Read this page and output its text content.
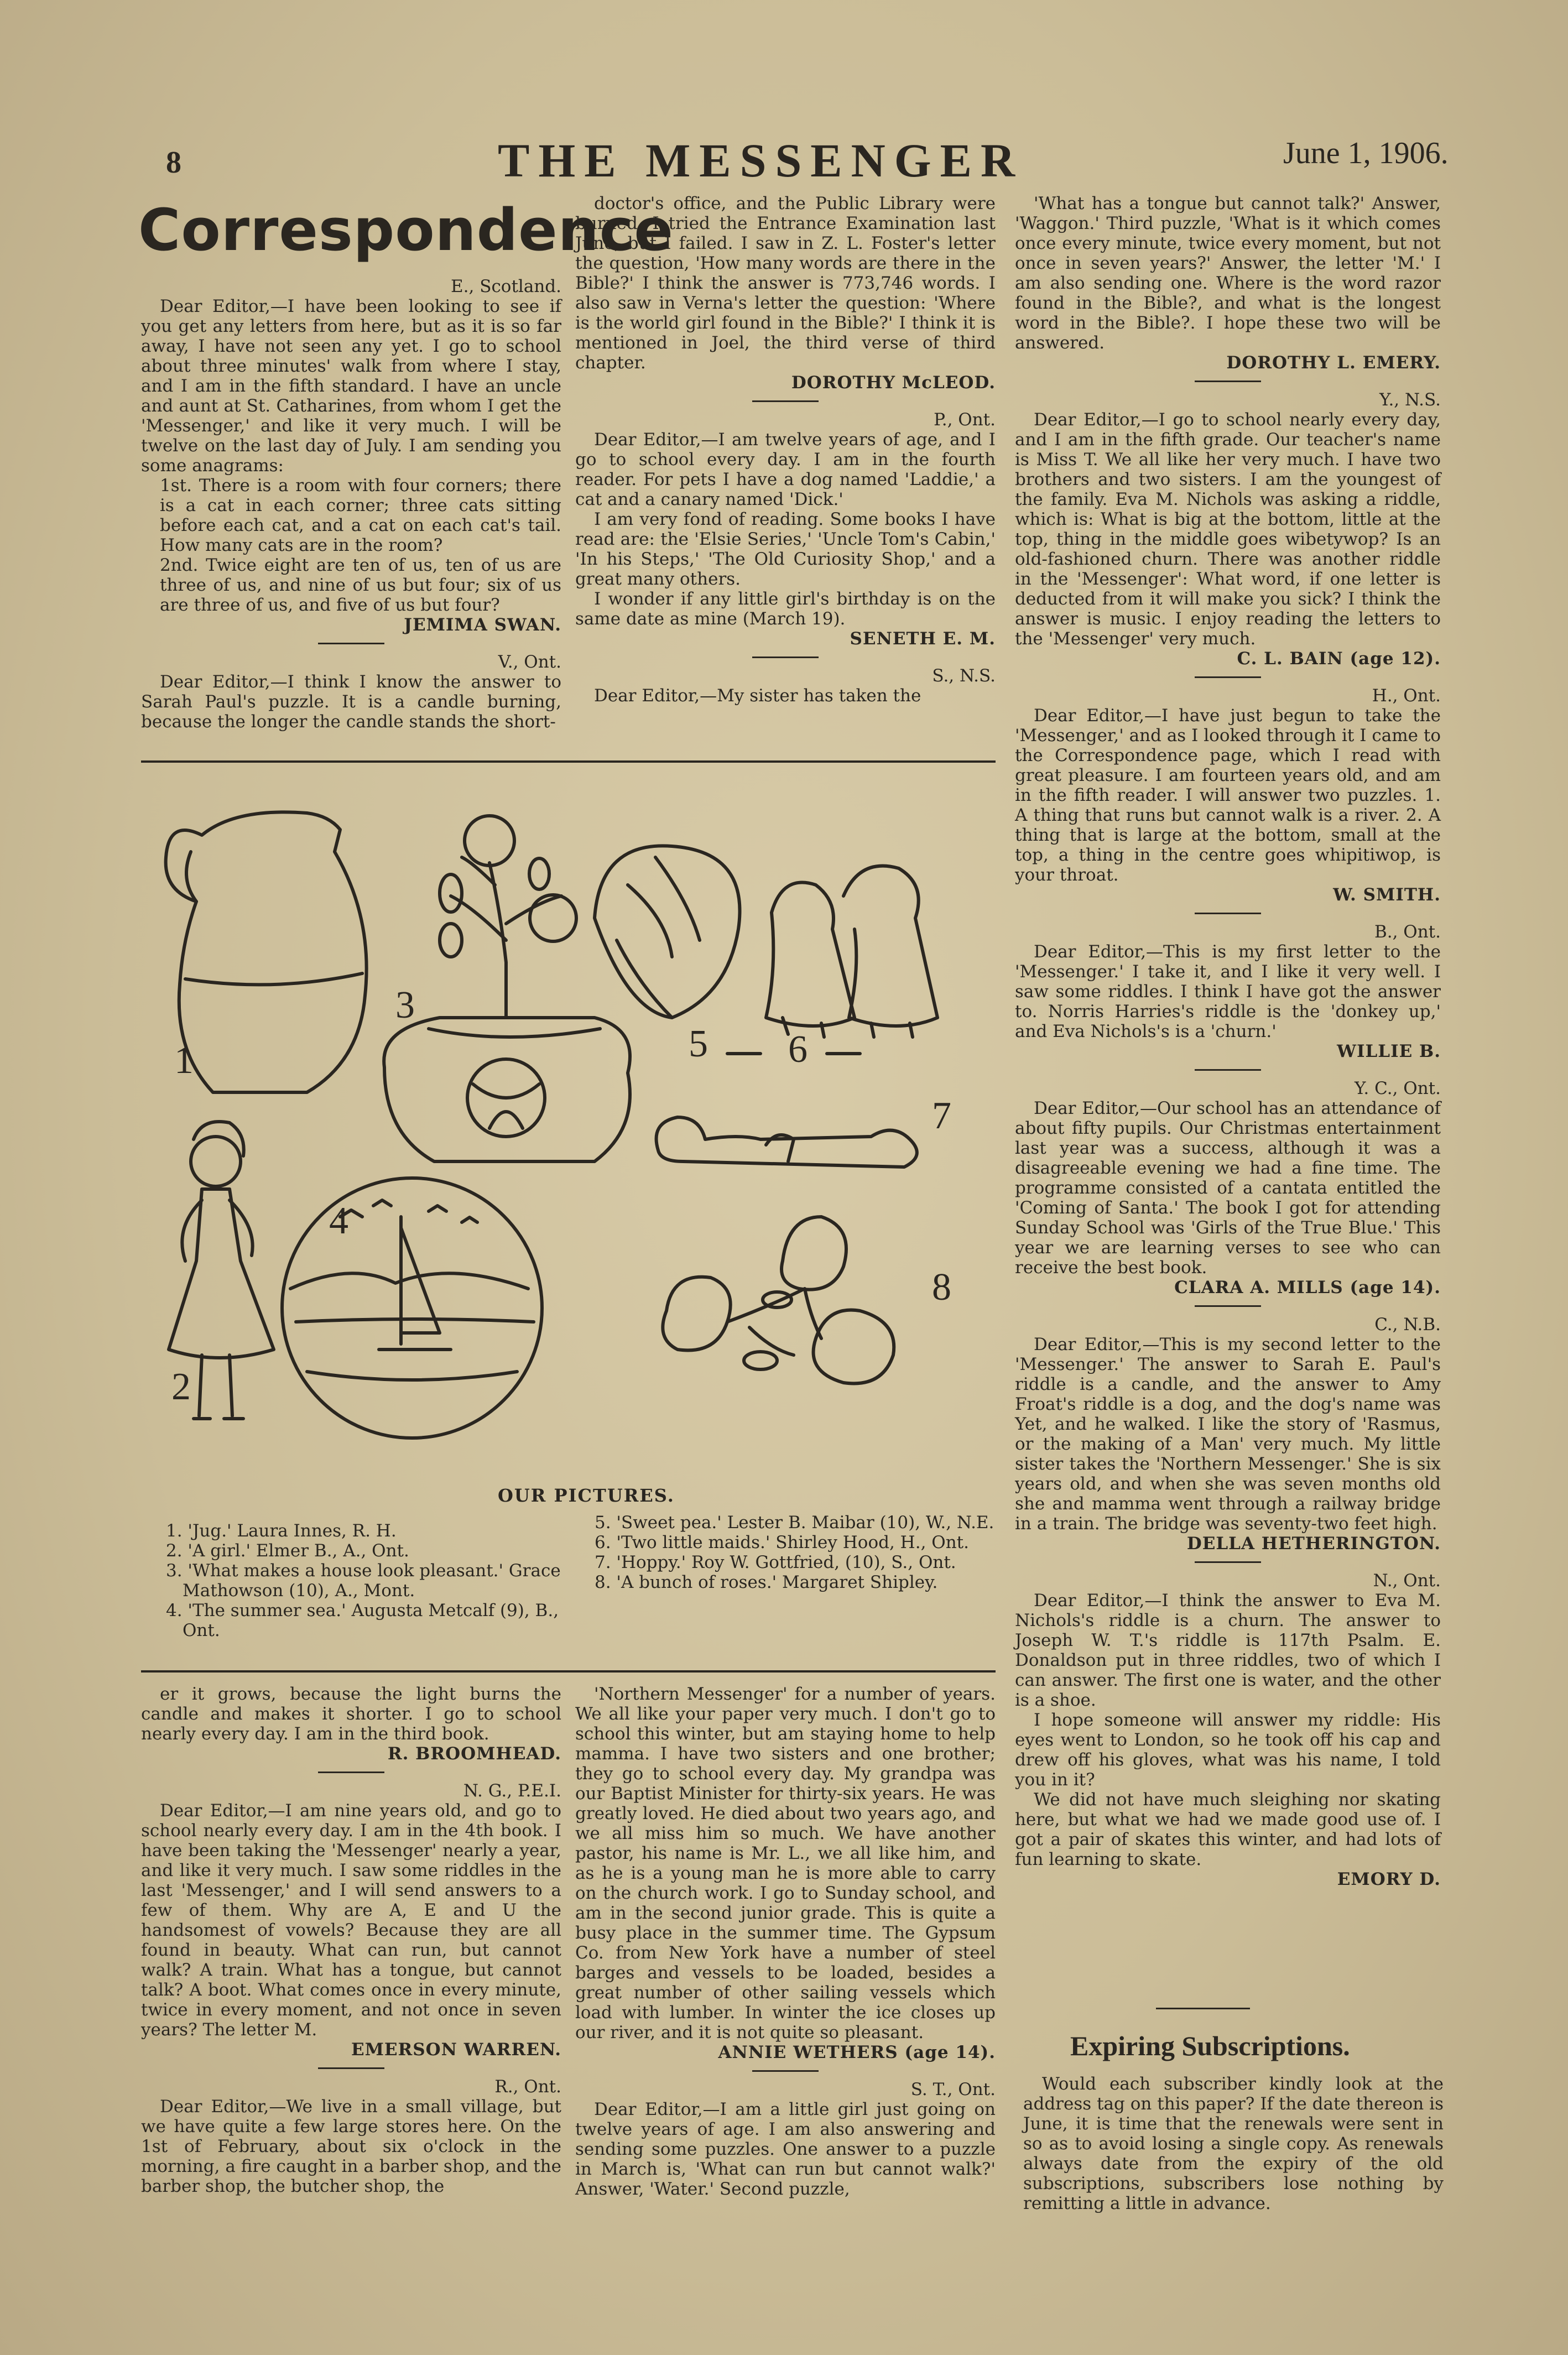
8	THE MESSENGER	June 1, 1906.
Correspondence

E., Scotland.

Dear Editor,—I have been looking to see if you get any letters from here, but as it is so far away, I have not seen any yet. I go to school about three minutes' walk from where I stay, and I am in the fifth standard. I have an uncle and aunt at St. Catharines, from whom I get the 'Messenger,' and like it very much. I will be twelve on the last day of July. I am sending you some anagrams:

1st. There is a room with four corners; there is a cat in each corner; three cats sitting before each cat, and a cat on each cat's tail. How many cats are in the room?

2nd. Twice eight are ten of us, ten of us are three of us, and nine of us but four; six of us are three of us, and five of us but four?

JEMIMA SWAN.

V., Ont.

Dear Editor,—I think I know the answer to Sarah Paul's puzzle. It is a candle burning, because the longer the candle stands the short-

doctor's office, and the Public Library were burned. I tried the Entrance Examination last June, but I failed. I saw in Z. L. Foster's letter the question, 'How many words are there in the Bible?' I think the answer is 773,746 words. I also saw in Verna's letter the question: 'Where is the world girl found in the Bible?' I think it is mentioned in Joel, the third verse of third chapter.

DOROTHY McLEOD.

P., Ont.

Dear Editor,—I am twelve years of age, and I go to school every day. I am in the fourth reader. For pets I have a dog named 'Laddie,' a cat and a canary named 'Dick.'

I am very fond of reading. Some books I have read are: the 'Elsie Series,' 'Uncle Tom's Cabin,' 'In his Steps,' 'The Old Curiosity Shop,' and a great many others.

I wonder if any little girl's birthday is on the same date as mine (March 19).

SENETH E. M.

S., N.S.

Dear Editor,—My sister has taken the

'What has a tongue but cannot talk?' Answer, 'Waggon.' Third puzzle, 'What is it which comes once every minute, twice every moment, but not once in seven years?' Answer, the letter 'M.' I am also sending one. Where is the word razor found in the Bible?, and what is the longest word in the Bible?. I hope these two will be answered.

DOROTHY L. EMERY.

Y., N.S.

Dear Editor,—I go to school nearly every day, and I am in the fifth grade. Our teacher's name is Miss T. We all like her very much. I have two brothers and two sisters. I am the youngest of the family. Eva M. Nichols was asking a riddle, which is: What is big at the bottom, little at the top, thing in the middle goes wibetywop? Is an old-fashioned churn. There was another riddle in the 'Messenger': What word, if one letter is deducted from it will make you sick? I think the answer is music. I enjoy reading the letters to the 'Messenger' very much.

C. L. BAIN (age 12).

H., Ont.

Dear Editor,—I have just begun to take the 'Messenger,' and as I looked through it I came to the Correspondence page, which I read with great pleasure. I am fourteen years old, and am in the fifth reader. I will answer two puzzles. 1. A thing that runs but cannot walk is a river. 2. A thing that is large at the bottom, small at the top, a thing in the centre goes whipitiwop, is your throat.

W. SMITH.

B., Ont.

Dear Editor,—This is my first letter to the 'Messenger.' I take it, and I like it very well. I saw some riddles. I think I have got the answer to. Norris Harries's riddle is the 'donkey up,' and Eva Nichols's is a 'churn.'

WILLIE B.

Y. C., Ont.

Dear Editor,—Our school has an attendance of about fifty pupils. Our Christmas entertainment last year was a success, although it was a disagreeable evening we had a fine time. The programme consisted of a cantata entitled the 'Coming of Santa.' The book I got for attending Sunday School was 'Girls of the True Blue.' This year we are learning verses to see who can receive the best book.

CLARA A. MILLS (age 14).

C., N.B.

Dear Editor,—This is my second letter to the 'Messenger.' The answer to Sarah E. Paul's riddle is a candle, and the answer to Amy Froat's riddle is a dog, and the dog's name was Yet, and he walked. I like the story of 'Rasmus, or the making of a Man' very much. My little sister takes the 'Northern Messenger.' She is six years old, and when she was seven months old she and mamma went through a railway bridge in a train. The bridge was seventy-two feet high.

DELLA HETHERINGTON.

N., Ont.

Dear Editor,—I think the answer to Eva M. Nichols's riddle is a churn. The answer to Joseph W. T.'s riddle is 117th Psalm. E. Donaldson put in three riddles, two of which I can answer. The first one is water, and the other is a shoe.

I hope someone will answer my riddle: His eyes went to London, so he took off his cap and drew off his gloves, what was his name, I told you in it?

We did not have much sleighing nor skating here, but what we had we made good use of. I got a pair of skates this winter, and had lots of fun learning to skate.

EMORY D.

1
3
5 6
7
2
4
8
OUR PICTURES.
1. 'Jug.' Laura Innes, R. H.
2. 'A girl.' Elmer B., A., Ont.
3. 'What makes a house look pleasant.' Grace Mathowson (10), A., Mont.
4. 'The summer sea.' Augusta Metcalf (9), B., Ont.
5. 'Sweet pea.' Lester B. Maibar (10), W., N.E.
6. 'Two little maids.' Shirley Hood, H., Ont.
7. 'Hoppy.' Roy W. Gottfried, (10), S., Ont.
8. 'A bunch of roses.' Margaret Shipley.

er it grows, because the light burns the candle and makes it shorter. I go to school nearly every day. I am in the third book.

R. BROOMHEAD.

N. G., P.E.I.

Dear Editor,—I am nine years old, and go to school nearly every day. I am in the 4th book. I have been taking the 'Messenger' nearly a year, and like it very much. I saw some riddles in the last 'Messenger,' and I will send answers to a few of them. Why are A, E and U the handsomest of vowels? Because they are all found in beauty. What can run, but cannot walk? A train. What has a tongue, but cannot talk? A boot. What comes once in every minute, twice in every moment, and not once in seven years? The letter M.

EMERSON WARREN.

R., Ont.

Dear Editor,—We live in a small village, but we have quite a few large stores here. On the 1st of February, about six o'clock in the morning, a fire caught in a barber shop, and the barber shop, the butcher shop, the

'Northern Messenger' for a number of years. We all like your paper very much. I don't go to school this winter, but am staying home to help mamma. I have two sisters and one brother; they go to school every day. My grandpa was our Baptist Minister for thirty-six years. He was greatly loved. He died about two years ago, and we all miss him so much. We have another pastor, his name is Mr. L., we all like him, and as he is a young man he is more able to carry on the church work. I go to Sunday school, and am in the second junior grade. This is quite a busy place in the summer time. The Gypsum Co. from New York have a number of steel barges and vessels to be loaded, besides a great number of other sailing vessels which load with lumber. In winter the ice closes up our river, and it is not quite so pleasant.

ANNIE WETHERS (age 14).

S. T., Ont.

Dear Editor,—I am a little girl just going on twelve years of age. I am also answering and sending some puzzles. One answer to a puzzle in March is, 'What can run but cannot walk?' Answer, 'Water.' Second puzzle,

Expiring Subscriptions.

Would each subscriber kindly look at the address tag on this paper? If the date thereon is June, it is time that the renewals were sent in so as to avoid losing a single copy. As renewals always date from the expiry of the old subscriptions, subscribers lose nothing by remitting a little in advance.
